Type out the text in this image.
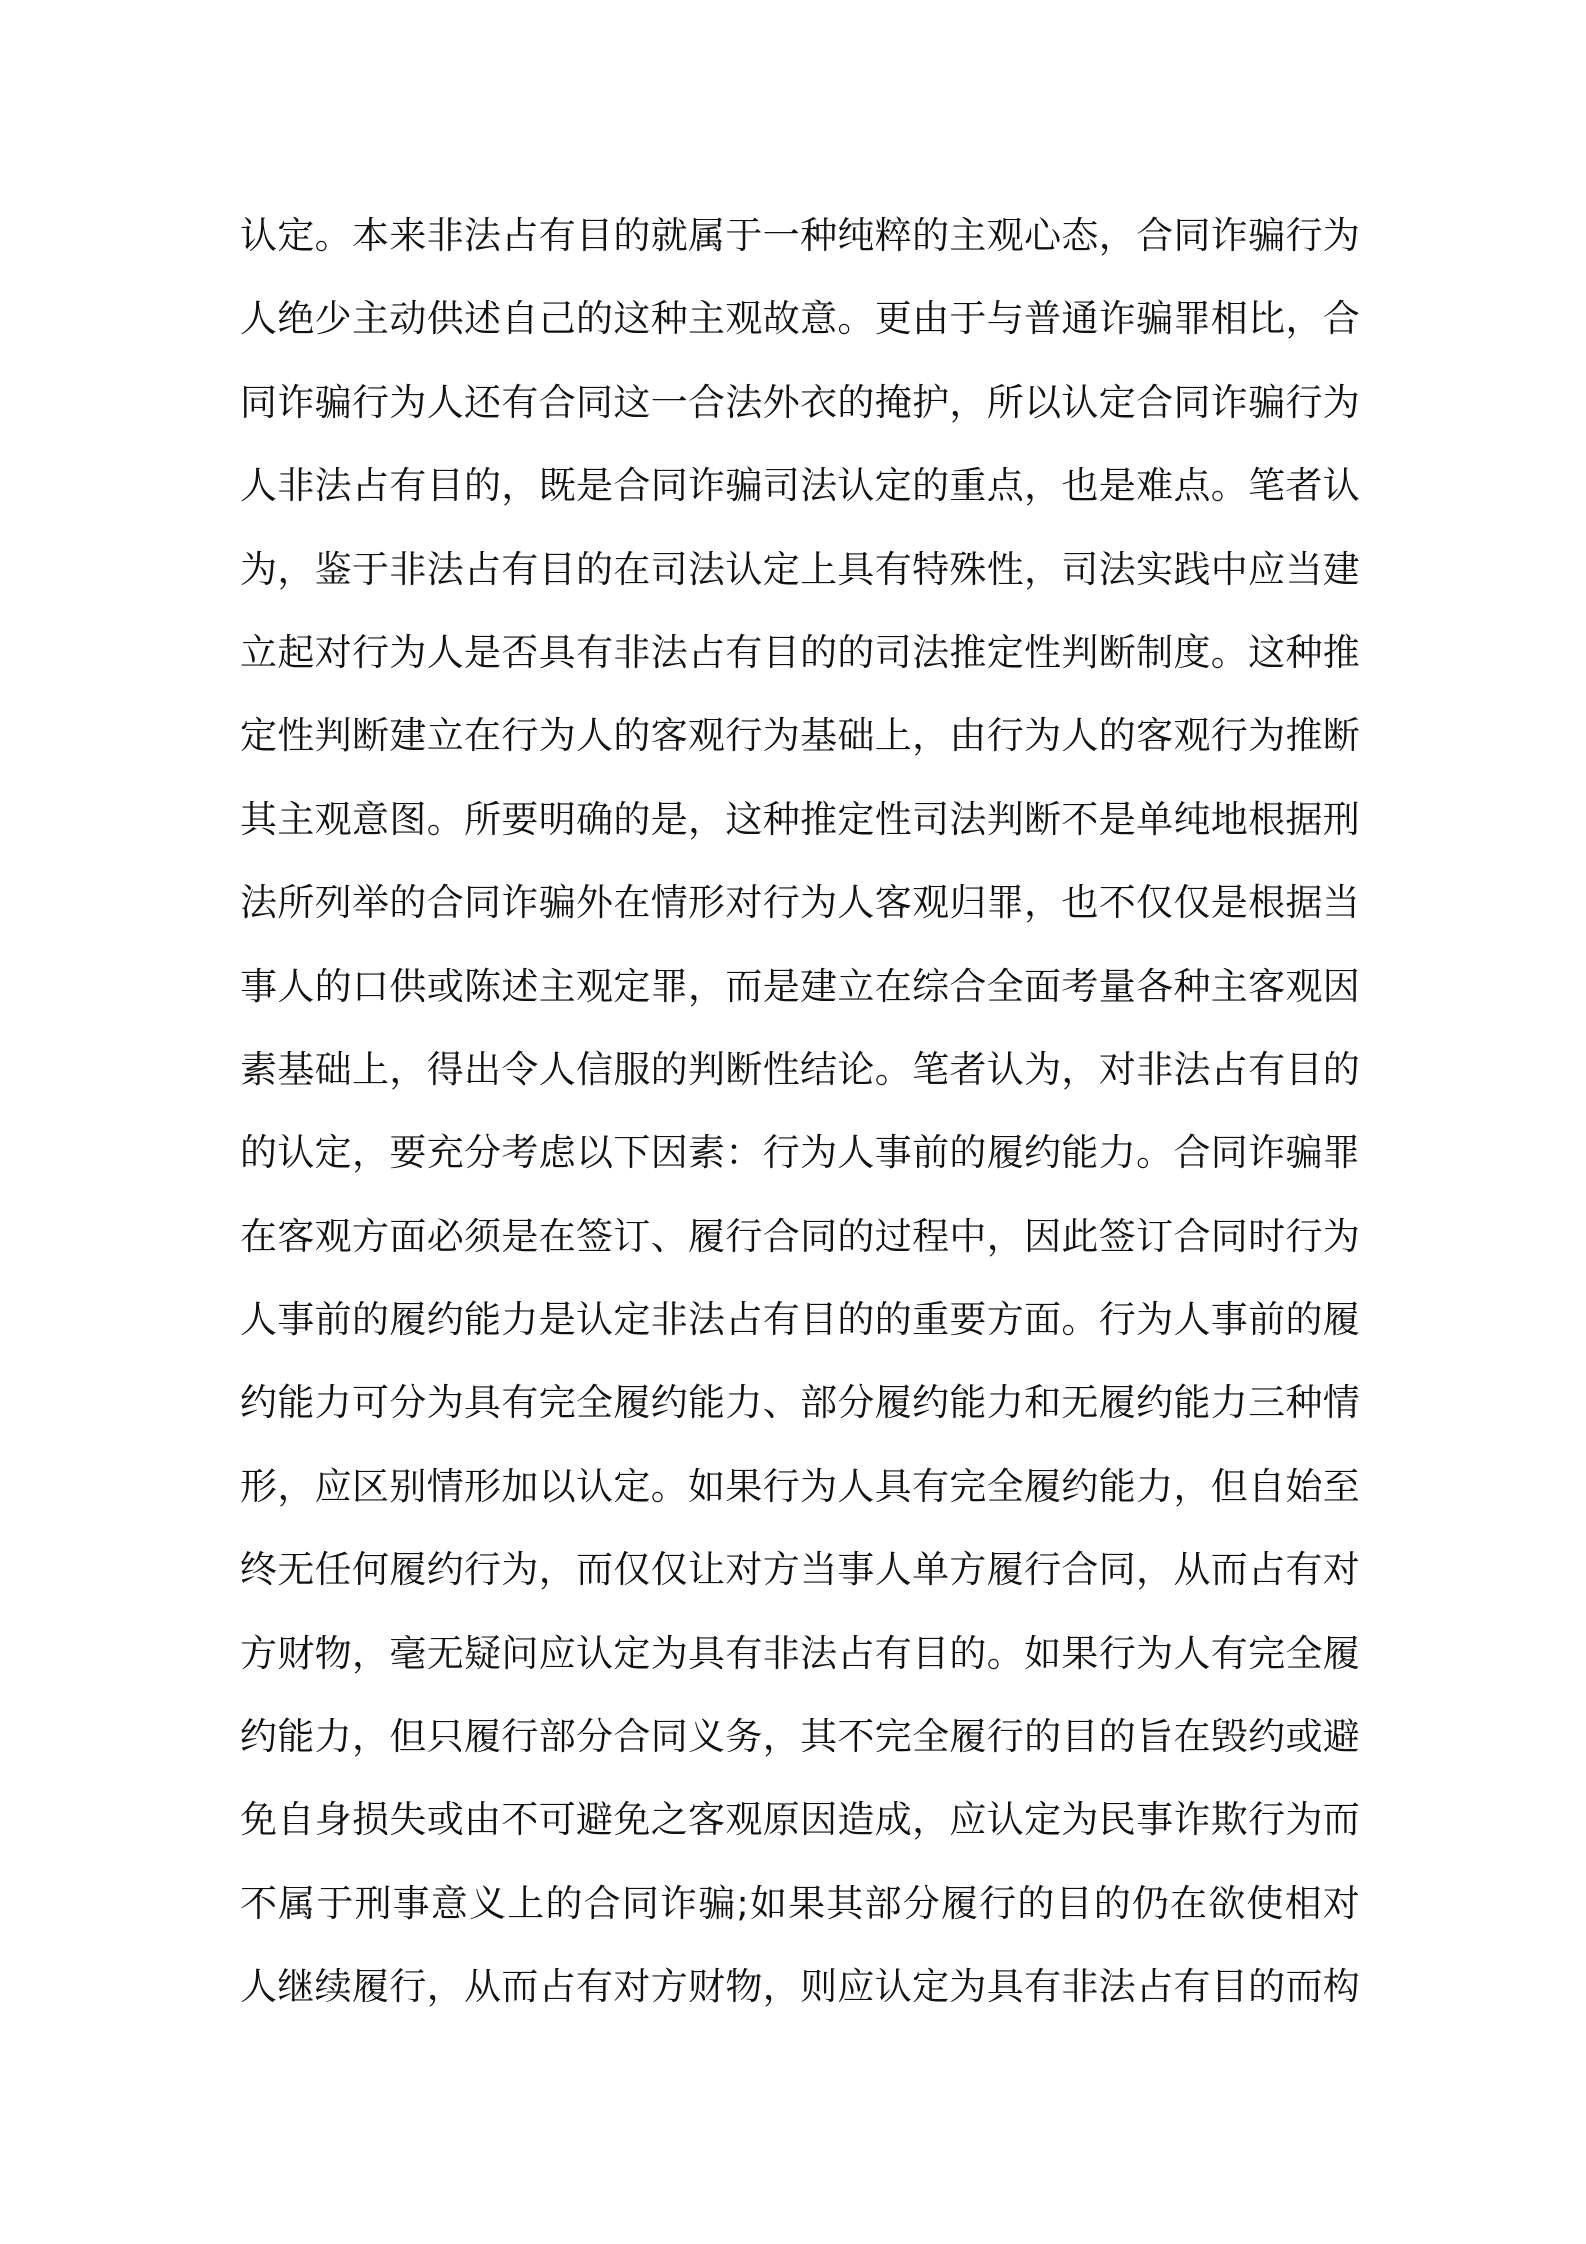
认定。本来非法占有目的就属于一种纯粹的主观心态，合同诈骗行为
人绝少主动供述自己的这种主观故意。更由于与普通诈骗罪相比，合
同诈骗行为人还有合同这一合法外衣的掩护，所以认定合同诈骗行为
人非法占有目的，既是合同诈骗司法认定的重点，也是难点。笔者认
为，鉴于非法占有目的在司法认定上具有特殊性，司法实践中应当建
立起对行为人是否具有非法占有目的的司法推定性判断制度。这种推
定性判断建立在行为人的客观行为基础上，由行为人的客观行为推断
其主观意图。所要明确的是，这种推定性司法判断不是单纯地根据刑
法所列举的合同诈骗外在情形对行为人客观归罪，也不仅仅是根据当
事人的口供或陈述主观定罪，而是建立在综合全面考量各种主客观因
素基础上，得出令人信服的判断性结论。笔者认为，对非法占有目的
的认定，要充分考虑以下因素：行为人事前的履约能力。合同诈骗罪
在客观方面必须是在签订、履行合同的过程中，因此签订合同时行为
人事前的履约能力是认定非法占有目的的重要方面。行为人事前的履
约能力可分为具有完全履约能力、部分履约能力和无履约能力三种情
形，应区别情形加以认定。如果行为人具有完全履约能力，但自始至
终无任何履约行为，而仅仅让对方当事人单方履行合同，从而占有对
方财物，毫无疑问应认定为具有非法占有目的。如果行为人有完全履
约能力，但只履行部分合同义务，其不完全履行的目的旨在毁约或避
免自身损失或由不可避免之客观原因造成，应认定为民事诈欺行为而
不属于刑事意义上的合同诈骗;如果其部分履行的目的仍在欲使相对
人继续履行，从而占有对方财物，则应认定为具有非法占有目的而构
